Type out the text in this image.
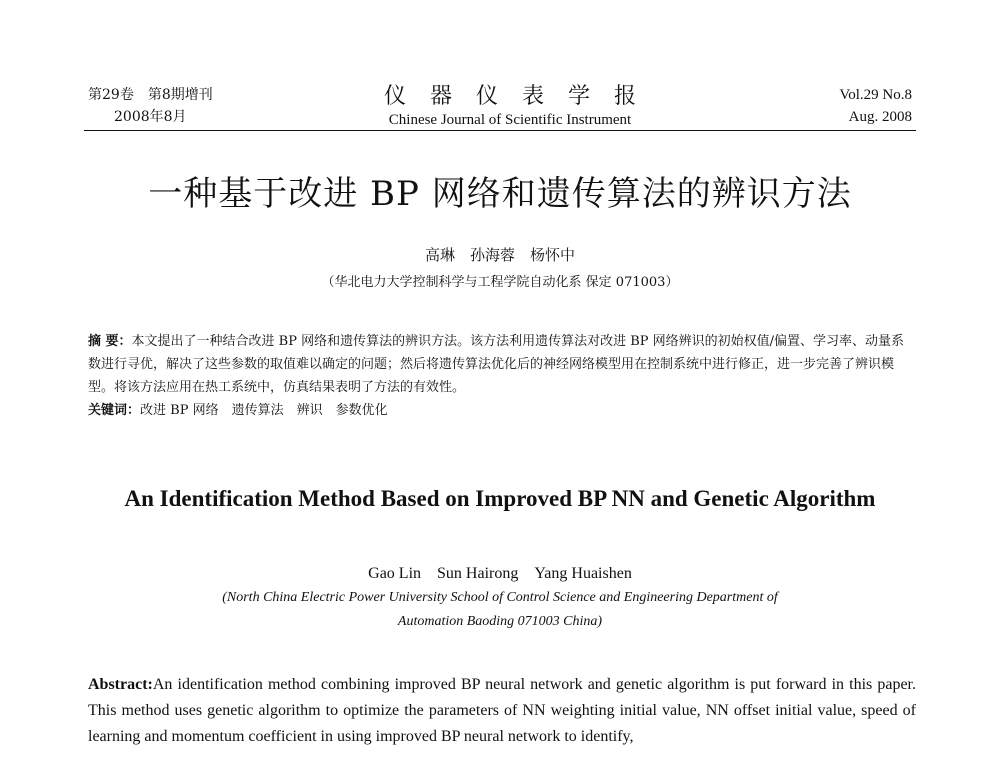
第29卷　第8期增刊
2008年8月
仪器仪表学报
Chinese Journal of Scientific Instrument
Vol.29 No.8
Aug. 2008
一种基于改进 BP 网络和遗传算法的辨识方法
高琳　孙海蓉　杨怀中
（华北电力大学控制科学与工程学院自动化系 保定 071003）
摘 要：本文提出了一种结合改进 BP 网络和遗传算法的辨识方法。该方法利用遗传算法对改进 BP 网络辨识的初始权值/偏置、学习率、动量系数进行寻优，解决了这些参数的取值难以确定的问题；然后将遗传算法优化后的神经网络模型用在控制系统中进行修正，进一步完善了辨识模型。将该方法应用在热工系统中，仿真结果表明了方法的有效性。
关键词：改进 BP 网络　遗传算法　辨识　参数优化
An Identification Method Based on Improved BP NN and Genetic Algorithm
Gao Lin　Sun Hairong　Yang Huaishen
(North China Electric Power University School of Control Science and Engineering Department of
Automation Baoding 071003 China)
Abstract:An identification method combining improved BP neural network and genetic algorithm is put forward in this paper. This method uses genetic algorithm to optimize the parameters of NN weighting initial value, NN offset initial value, speed of learning and momentum coefficient in using improved BP neural network to identify,
